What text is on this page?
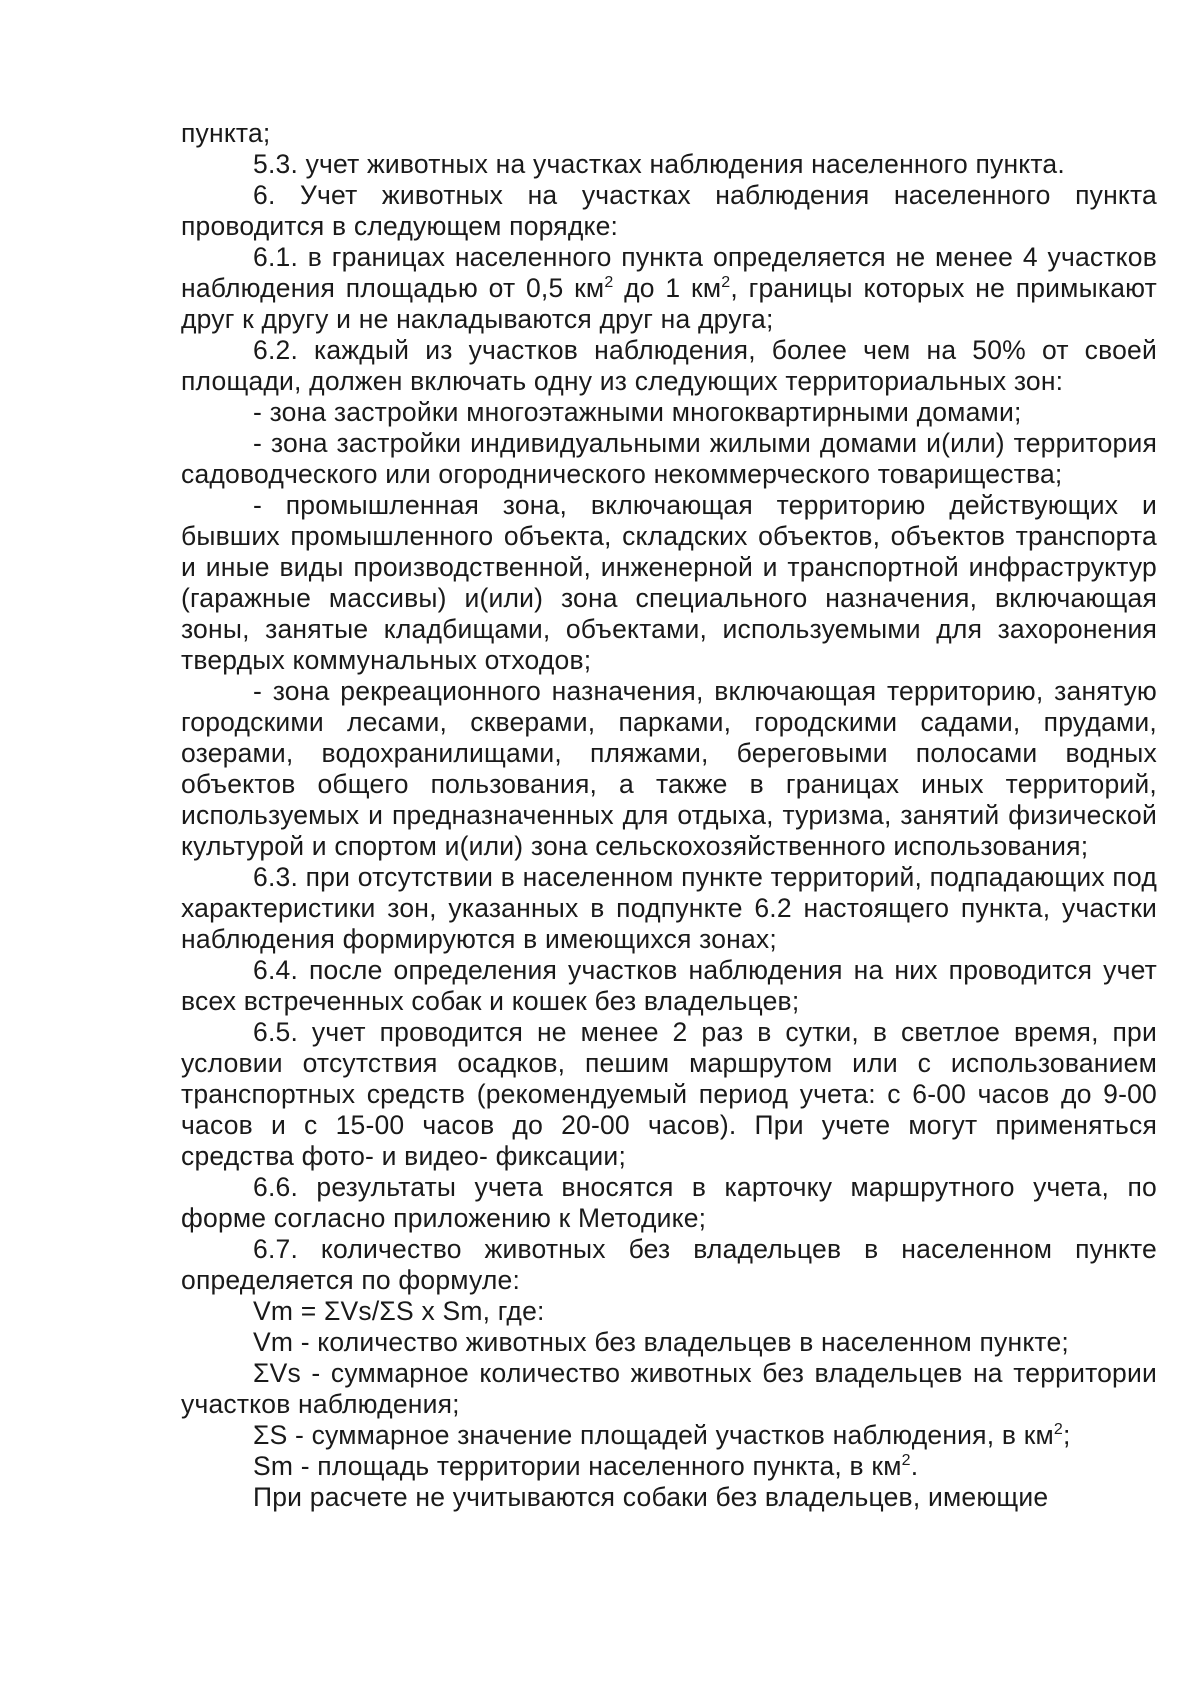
пункта;

5.3. учет животных на участках наблюдения населенного пункта.

6. Учет животных на участках наблюдения населенного пункта проводится в следующем порядке:

6.1. в границах населенного пункта определяется не менее 4 участков наблюдения площадью от 0,5 $км^2$ до 1 $км^2$, границы которых не примыкают друг к другу и не накладываются друг на друга;

6.2. каждый из участков наблюдения, более чем на 50% от своей площади, должен включать одну из следующих территориальных зон:

- зона застройки многоэтажными многоквартирными домами;

- зона застройки индивидуальными жилыми домами и(или) территория садоводческого или огороднического некоммерческого товарищества;

- промышленная зона, включающая территорию действующих и бывших промышленного объекта, складских объектов, объектов транспорта и иные виды производственной, инженерной и транспортной инфраструктур (гаражные массивы) и(или) зона специального назначения, включающая зоны, занятые кладбищами, объектами, используемыми для захоронения твердых коммунальных отходов;

- зона рекреационного назначения, включающая территорию, занятую городскими лесами, скверами, парками, городскими садами, прудами, озерами, водохранилищами, пляжами, береговыми полосами водных объектов общего пользования, а также в границах иных территорий, используемых и предназначенных для отдыха, туризма, занятий физической культурой и спортом и(или) зона сельскохозяйственного использования;

6.3. при отсутствии в населенном пункте территорий, подпадающих под характеристики зон, указанных в подпункте 6.2 настоящего пункта, участки наблюдения формируются в имеющихся зонах;

6.4. после определения участков наблюдения на них проводится учет всех встреченных собак и кошек без владельцев;

6.5. учет проводится не менее 2 раз в сутки, в светлое время, при условии отсутствия осадков, пешим маршрутом или с использованием транспортных средств (рекомендуемый период учета: с 6-00 часов до 9-00 часов и с 15-00 часов до 20-00 часов). При учете могут применяться средства фото- и видео- фиксации;

6.6. результаты учета вносятся в карточку маршрутного учета, по форме согласно приложению к Методике;

6.7. количество животных без владельцев в населенном пункте определяется по формуле:

Vm = ΣVs/ΣS x Sm, где:

Vm - количество животных без владельцев в населенном пункте;

ΣVs - суммарное количество животных без владельцев на территории участков наблюдения;

ΣS - суммарное значение площадей участков наблюдения, в $км^2$;

Sm - площадь территории населенного пункта, в $км^2$.

При расчете не учитываются собаки без владельцев, имеющие
